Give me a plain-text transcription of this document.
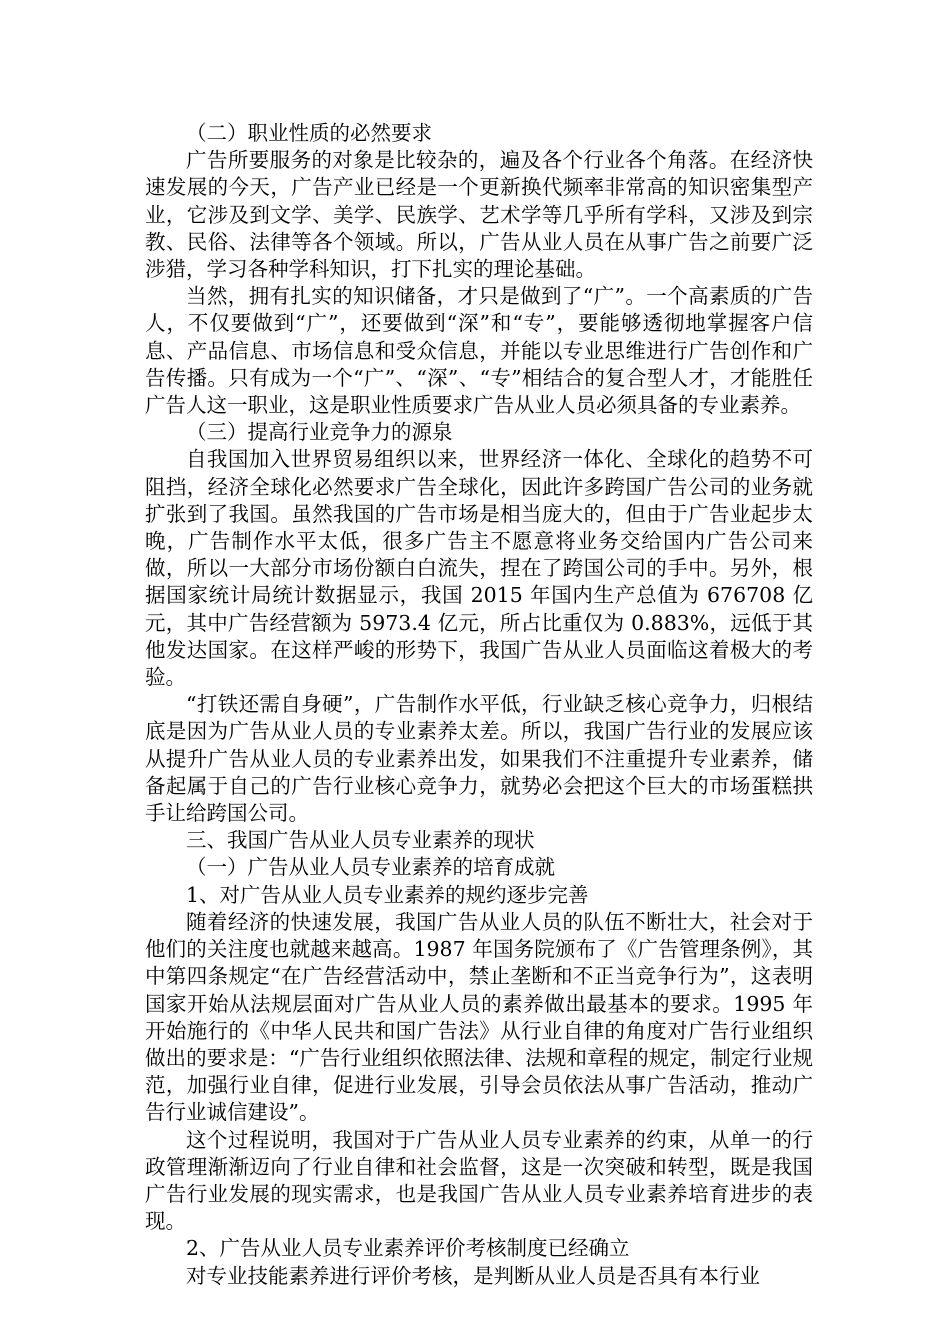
（二）职业性质的必然要求

广告所要服务的对象是比较杂的，遍及各个行业各个角落。在经济快速发展的今天，广告产业已经是一个更新换代频率非常高的知识密集型产业，它涉及到文学、美学、民族学、艺术学等几乎所有学科，又涉及到宗教、民俗、法律等各个领域。所以，广告从业人员在从事广告之前要广泛涉猎，学习各种学科知识，打下扎实的理论基础。

当然，拥有扎实的知识储备，才只是做到了“广”。一个高素质的广告人，不仅要做到“广”，还要做到“深”和“专”，要能够透彻地掌握客户信息、产品信息、市场信息和受众信息，并能以专业思维进行广告创作和广告传播。只有成为一个“广”、“深”、“专”相结合的复合型人才，才能胜任广告人这一职业，这是职业性质要求广告从业人员必须具备的专业素养。

（三）提高行业竞争力的源泉

自我国加入世界贸易组织以来，世界经济一体化、全球化的趋势不可阻挡，经济全球化必然要求广告全球化，因此许多跨国广告公司的业务就扩张到了我国。虽然我国的广告市场是相当庞大的，但由于广告业起步太晚，广告制作水平太低，很多广告主不愿意将业务交给国内广告公司来做，所以一大部分市场份额白白流失，捏在了跨国公司的手中。另外，根据国家统计局统计数据显示，我国 2015 年国内生产总值为 676708 亿元，其中广告经营额为 5973.4 亿元，所占比重仅为 0.883%，远低于其他发达国家。在这样严峻的形势下，我国广告从业人员面临这着极大的考验。

“打铁还需自身硬”，广告制作水平低，行业缺乏核心竞争力，归根结底是因为广告从业人员的专业素养太差。所以，我国广告行业的发展应该从提升广告从业人员的专业素养出发，如果我们不注重提升专业素养，储备起属于自己的广告行业核心竞争力，就势必会把这个巨大的市场蛋糕拱手让给跨国公司。

三、我国广告从业人员专业素养的现状

（一）广告从业人员专业素养的培育成就

1、对广告从业人员专业素养的规约逐步完善

随着经济的快速发展，我国广告从业人员的队伍不断壮大，社会对于他们的关注度也就越来越高。1987 年国务院颁布了《广告管理条例》，其中第四条规定“在广告经营活动中，禁止垄断和不正当竞争行为”，这表明国家开始从法规层面对广告从业人员的素养做出最基本的要求。1995 年开始施行的《中华人民共和国广告法》从行业自律的角度对广告行业组织做出的要求是：“广告行业组织依照法律、法规和章程的规定，制定行业规范，加强行业自律，促进行业发展，引导会员依法从事广告活动，推动广告行业诚信建设”。

这个过程说明，我国对于广告从业人员专业素养的约束，从单一的行政管理渐渐迈向了行业自律和社会监督，这是一次突破和转型，既是我国广告行业发展的现实需求，也是我国广告从业人员专业素养培育进步的表现。

2、广告从业人员专业素养评价考核制度已经确立

对专业技能素养进行评价考核，是判断从业人员是否具有本行业
